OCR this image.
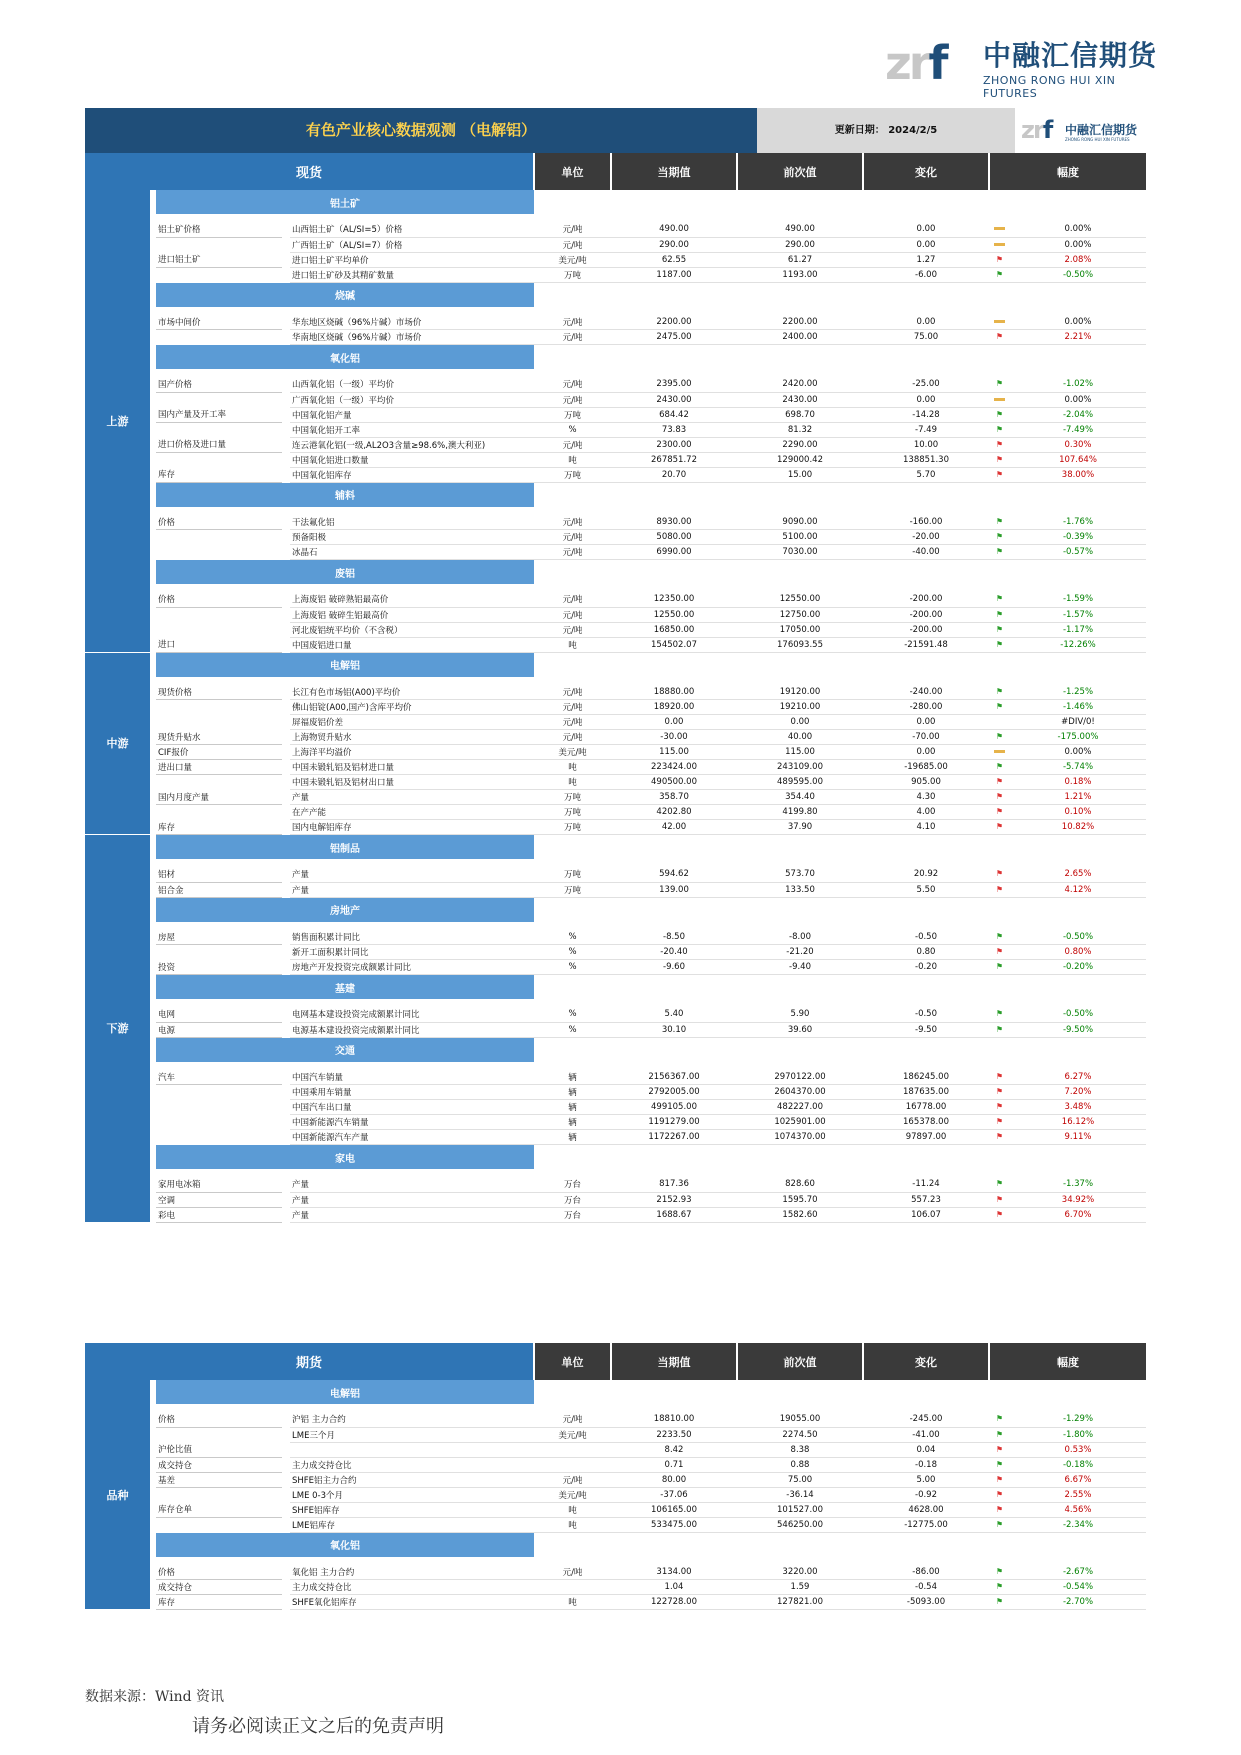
zrf 中融汇信期货
ZHONG RONG HUI XIN FUTURES
有色产业核心数据观测 （电解铝）	更新日期： 2024/2/5	zrf 中融汇信期货
ZHONG RONG HUI XIN FUTURES
现货					单位	当期值	前次值	变化	幅度	
上游		铝土矿								

		铝土矿价格		山西铝土矿（AL/SI=5）价格	元/吨	490.00	490.00	0.00		0.00%
				广西铝土矿（AL/SI=7）价格	元/吨	290.00	290.00	0.00		0.00%
		进口铝土矿		进口铝土矿平均单价	美元/吨	62.55	61.27	1.27	⚑	2.08%
				进口铝土矿砂及其精矿数量	万吨	1187.00	1193.00	-6.00	⚑	-0.50%
		烧碱								

		市场中间价		华东地区烧碱（96%片碱）市场价	元/吨	2200.00	2200.00	0.00		0.00%
				华南地区烧碱（96%片碱）市场价	元/吨	2475.00	2400.00	75.00	⚑	2.21%
		氧化铝								

		国产价格		山西氧化铝（一级）平均价	元/吨	2395.00	2420.00	-25.00	⚑	-1.02%
				广西氧化铝（一级）平均价	元/吨	2430.00	2430.00	0.00		0.00%
		国内产量及开工率		中国氧化铝产量	万吨	684.42	698.70	-14.28	⚑	-2.04%
				中国氧化铝开工率	%	73.83	81.32	-7.49	⚑	-7.49%
		进口价格及进口量		连云港氧化铝(一级,AL2O3含量≥98.6%,澳大利亚)	元/吨	2300.00	2290.00	10.00	⚑	0.30%
				中国氧化铝进口数量	吨	267851.72	129000.42	138851.30	⚑	107.64%
		库存		中国氧化铝库存	万吨	20.70	15.00	5.70	⚑	38.00%
		辅料								

		价格		干法氟化铝	元/吨	8930.00	9090.00	-160.00	⚑	-1.76%
				预备阳极	元/吨	5080.00	5100.00	-20.00	⚑	-0.39%
				冰晶石	元/吨	6990.00	7030.00	-40.00	⚑	-0.57%
		废铝								

		价格		上海废铝 破碎熟铝最高价	元/吨	12350.00	12550.00	-200.00	⚑	-1.59%
				上海废铝 破碎生铝最高价	元/吨	12550.00	12750.00	-200.00	⚑	-1.57%
				河北废铝统平均价（不含税）	元/吨	16850.00	17050.00	-200.00	⚑	-1.17%
		进口		中国废铝进口量	吨	154502.07	176093.55	-21591.48	⚑	-12.26%
中游		电解铝								

		现货价格		长江有色市场铝(A00)平均价	元/吨	18880.00	19120.00	-240.00	⚑	-1.25%
				佛山铝锭(A00,国产)含库平均价	元/吨	18920.00	19210.00	-280.00	⚑	-1.46%
				屏福废铝价差	元/吨	0.00	0.00	0.00		#DIV/0!
		现货升贴水		上海物贸升贴水	元/吨	-30.00	40.00	-70.00	⚑	-175.00%
		CIF报价		上海洋平均溢价	美元/吨	115.00	115.00	0.00		0.00%
		进出口量		中国未锻轧铝及铝材进口量	吨	223424.00	243109.00	-19685.00	⚑	-5.74%
				中国未锻轧铝及铝材出口量	吨	490500.00	489595.00	905.00	⚑	0.18%
		国内月度产量		产量	万吨	358.70	354.40	4.30	⚑	1.21%
				在产产能	万吨	4202.80	4199.80	4.00	⚑	0.10%
		库存		国内电解铝库存	万吨	42.00	37.90	4.10	⚑	10.82%
下游		铝制品								

		铝材		产量	万吨	594.62	573.70	20.92	⚑	2.65%
		铝合金		产量	万吨	139.00	133.50	5.50	⚑	4.12%
		房地产								

		房屋		销售面积累计同比	%	-8.50	-8.00	-0.50	⚑	-0.50%
				新开工面积累计同比	%	-20.40	-21.20	0.80	⚑	0.80%
		投资		房地产开发投资完成额累计同比	%	-9.60	-9.40	-0.20	⚑	-0.20%
		基建								

		电网		电网基本建设投资完成额累计同比	%	5.40	5.90	-0.50	⚑	-0.50%
		电源		电源基本建设投资完成额累计同比	%	30.10	39.60	-9.50	⚑	-9.50%
		交通								

		汽车		中国汽车销量	辆	2156367.00	2970122.00	186245.00	⚑	6.27%
				中国乘用车销量	辆	2792005.00	2604370.00	187635.00	⚑	7.20%
				中国汽车出口量	辆	499105.00	482227.00	16778.00	⚑	3.48%
				中国新能源汽车销量	辆	1191279.00	1025901.00	165378.00	⚑	16.12%
				中国新能源汽车产量	辆	1172267.00	1074370.00	97897.00	⚑	9.11%
		家电								

		家用电冰箱		产量	万台	817.36	828.60	-11.24	⚑	-1.37%
		空调		产量	万台	2152.93	1595.70	557.23	⚑	34.92%
		彩电		产量	万台	1688.67	1582.60	106.07	⚑	6.70%
期货					单位	当期值	前次值	变化	幅度	
品种		电解铝								

		价格		沪铝 主力合约	元/吨	18810.00	19055.00	-245.00	⚑	-1.29%
				LME三个月	美元/吨	2233.50	2274.50	-41.00	⚑	-1.80%
		沪伦比值				8.42	8.38	0.04	⚑	0.53%
		成交持仓		主力成交持仓比		0.71	0.88	-0.18	⚑	-0.18%
		基差		SHFE铝主力合约	元/吨	80.00	75.00	5.00	⚑	6.67%
				LME 0-3个月	美元/吨	-37.06	-36.14	-0.92	⚑	2.55%
		库存仓单		SHFE铝库存	吨	106165.00	101527.00	4628.00	⚑	4.56%
				LME铝库存	吨	533475.00	546250.00	-12775.00	⚑	-2.34%
		氧化铝								

		价格		氧化铝 主力合约	元/吨	3134.00	3220.00	-86.00	⚑	-2.67%
		成交持仓		主力成交持仓比		1.04	1.59	-0.54	⚑	-0.54%
		库存		SHFE氧化铝库存	吨	122728.00	127821.00	-5093.00	⚑	-2.70%
数据来源：Wind 资讯
请务必阅读正文之后的免责声明
